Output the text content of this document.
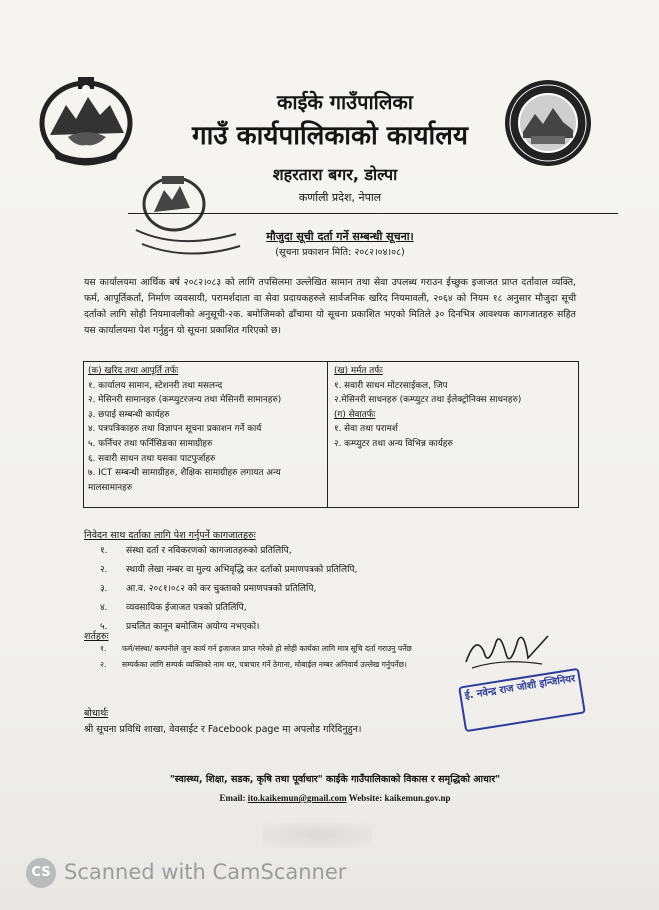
काईके गाउँपालिका
गाउँ कार्यपालिकाको कार्यालय
शहरतारा बगर, डोल्पा
कर्णाली प्रदेश, नेपाल
मौजुदा सूची दर्ता गर्ने सम्बन्धी सूचना।
(सूचना प्रकाशन मिति: २०८२।०४।०८)
यस कार्यालयमा आर्थिक बर्ष २०८२।०८३ को लागि तपसिलमा उल्लेखित सामान तथा सेवा उपलब्ध गराउन ईच्छुक इजाजत प्राप्त दर्तावाल व्यक्ति, फर्म, आपूर्तिकर्ता, निर्माण व्यवसायी, परामर्शदाता वा सेवा प्रदायकहरुले सार्वजनिक खरिद नियमावली, २०६४ को नियम १८ अनुसार मौजुदा सूची दर्ताको लागि सोही नियमावलीको अनुसूची-२क. बमोजिमको ढाँचामा यो सूचना प्रकाशित भएको मितिले ३० दिनभित्र आवश्यक कागजातहरु सहित यस कार्यालयमा पेश गर्नुहुन यो सूचना प्रकाशित गरिएको छ।
(क) खरिद तथा आपूर्ति तर्फः
१. कार्यालय सामान, स्टेशनरी तथा मसलन्द
२. मेसिनरी सामानहरु (कम्प्युटरजन्य तथा मेसिनरी सामानहरु)
३. छपाई सम्बन्धी कार्यहरु
४. पत्रपत्रिकाहरु तथा विज्ञापन सूचना प्रकाशन गर्ने कार्य
५. फर्निचर तथा फर्निसिङका सामाग्रीहरु
६. सवारी साधन तथा यसका पाटपुर्जाहरु
७. ICT सम्बन्धी सामाग्रीहरु, शैक्षिक सामाग्रीहरु लगायत अन्य मालसामानहरु
(ख) मर्मत तर्फः
१. सवारी साधन मोटरसाईकल, जिप
२.मेसिनरी साधनहरु (कम्प्युटर तथा ईलेक्ट्रोनिक्स साधनहरु)
(ग) सेवातर्फः
१. सेवा तथा परामर्श
२. कम्प्युटर तथा अन्य विभिन्न कार्यहरु
निवेदन साथ दर्ताका लागि पेश गर्नुपर्ने कागजातहरुः
१. संस्था दर्ता र नविकरणको कागजातहरुको प्रतिलिपि,
२. स्थायी लेखा नम्बर वा मुल्य अभिवृद्धि कर दर्ताको प्रमाणपत्रको प्रतिलिपि,
३. आ.व. २०८१।०८२ को कर चुक्ताको प्रमाणपत्रको प्रतिलिपि,
४. व्यवसायिक ईजाजत पत्रको प्रतिलिपि,
५. प्रचलित कानून बमोजिम अयोग्य नभएको।
शर्तहरुः
१. फर्म/संस्था/ कम्पनीले जुन कार्य गर्न इजाजत प्राप्त गरेको हो सोही कार्यका लागि मात्र सूचि दर्ता गराउनु पर्नेछ
२. सम्पर्कका लागि सम्पर्क व्यक्तिको नाम थर, पत्राचार गर्ने ठेगाना, मोबाईल नम्बर अनिवार्य उल्लेख गर्नुपर्नेछ।
ई. नवेन्द्र राज जोशी इन्जिनियर
बोधार्थः
श्री सूचना प्रविधि शाखा, वेवसाईट र Facebook page मा अपलोड गरिदिनुहुन।
"स्वास्थ्य, शिक्षा, सडक, कृषि तथा पूर्वाधार" काईके गाउँपालिकाको विकास र समृद्धिको आधार"
Email: ito.kaikemun@gmail.com Website: kaikemun.gov.np
CS Scanned with CamScanner
